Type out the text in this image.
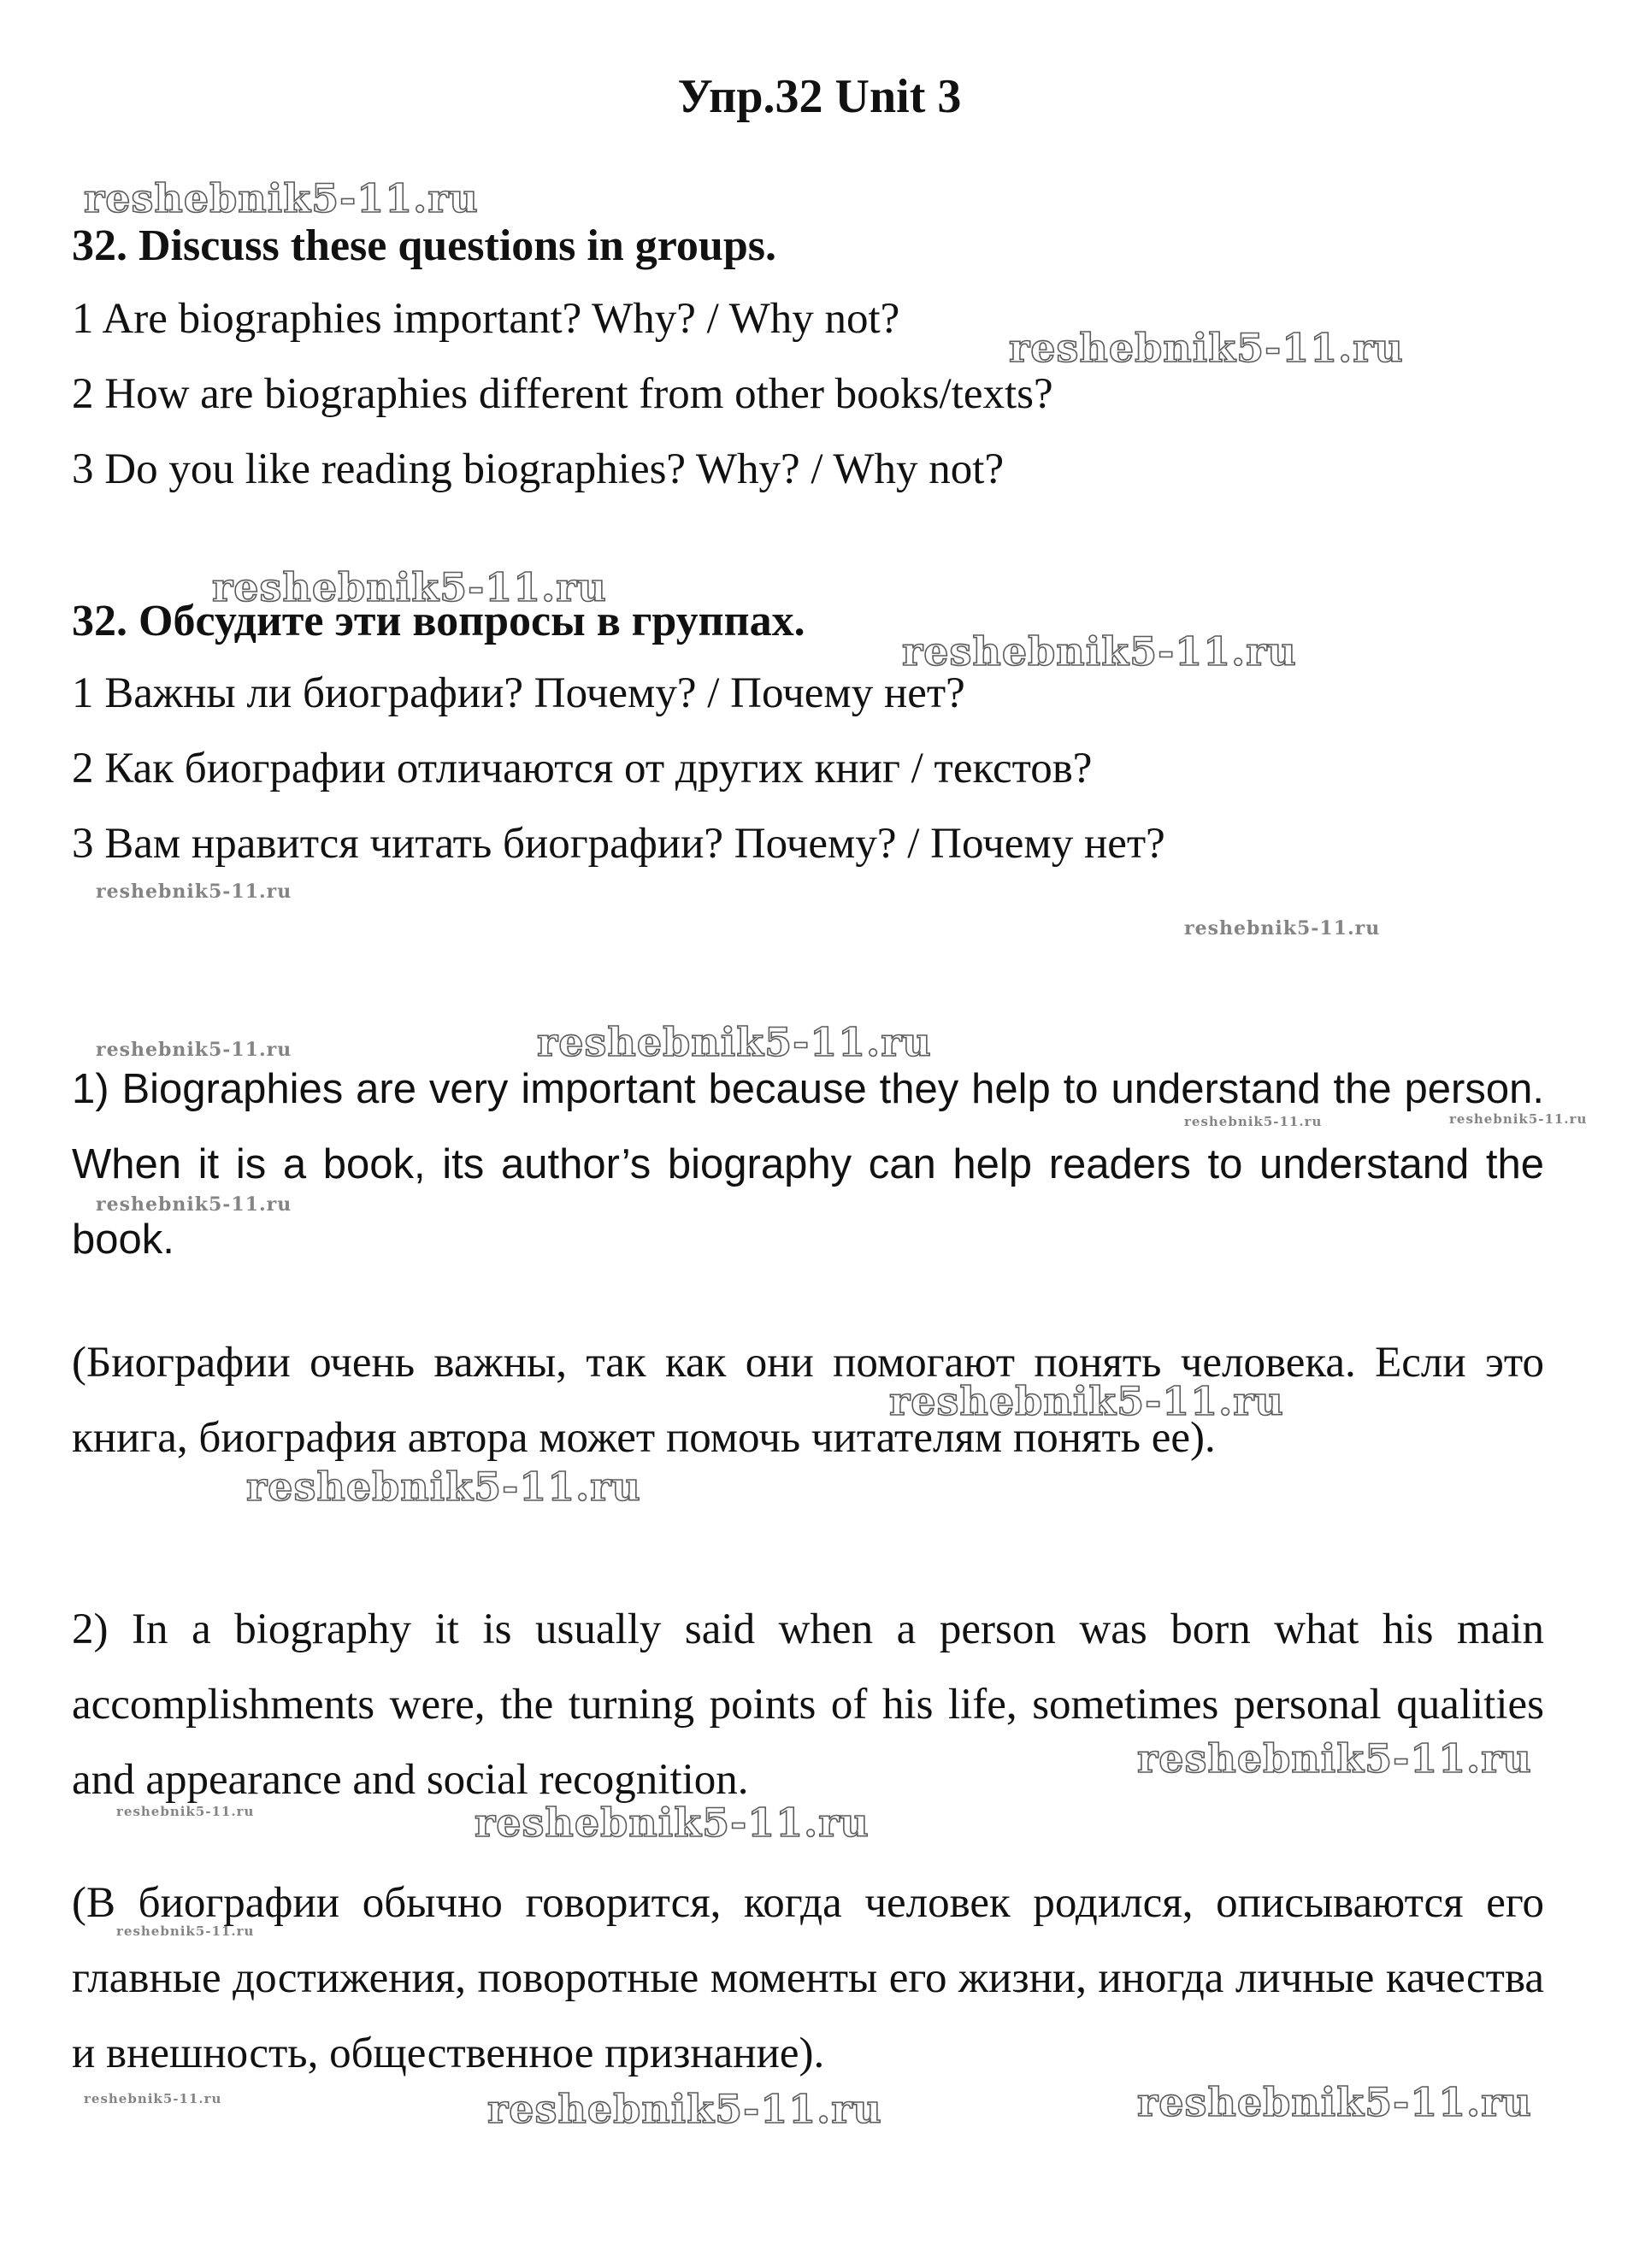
Упр.32 Unit 3
32. Discuss these questions in groups.
1 Are biographies important? Why? / Why not?
2 How are biographies different from other books/texts?
3 Do you like reading biographies? Why? / Why not?
32. Обсудите эти вопросы в группах.
1 Важны ли биографии? Почему? / Почему нет?
2 Как биографии отличаются от других книг / текстов?
3 Вам нравится читать биографии? Почему? / Почему нет?
1) Biographies are very important because they help to understand the person. When it is a book, its author’s biography can help readers to understand the book.
(Биографии очень важны, так как они помогают понять человека. Если это книга, биография автора может помочь читателям понять ее).
2) In a biography it is usually said when a person was born what his main accomplishments were, the turning points of his life, sometimes personal qualities and appearance and social recognition.
(В биографии обычно говорится, когда человек родился, описываются его главные достижения, поворотные моменты его жизни, иногда личные качества и внешность, общественное признание).
reshebnik5-11.ru
reshebnik5-11.ru
reshebnik5-11.ru
reshebnik5-11.ru
reshebnik5-11.ru
reshebnik5-11.ru
reshebnik5-11.ru	reshebnik5-11.ru
reshebnik5-11.ru	reshebnik5-11.ru
reshebnik5-11.ru
reshebnik5-11.ru
reshebnik5-11.ru
reshebnik5-11.ru
reshebnik5-11.ru	reshebnik5-11.ru
reshebnik5-11.ru
reshebnik5-11.ru	reshebnik5-11.ru	reshebnik5-11.ru
